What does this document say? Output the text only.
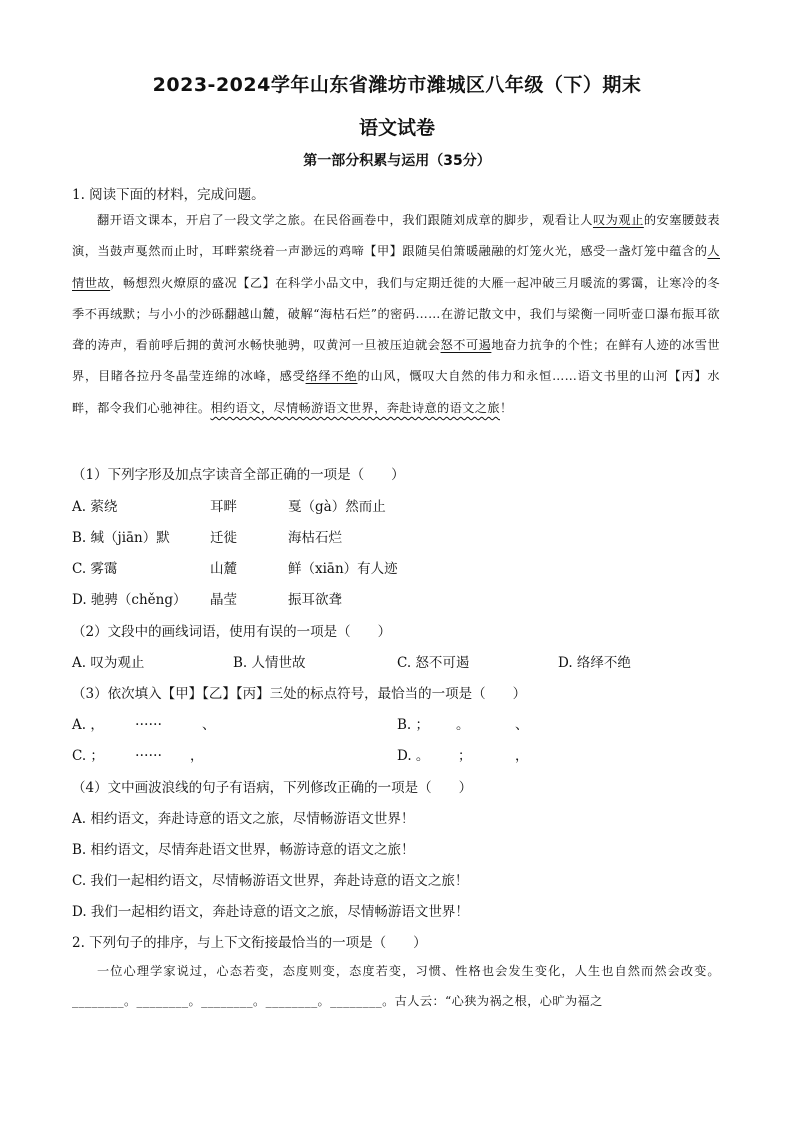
2023-2024学年山东省潍坊市潍城区八年级（下）期末
语文试卷
第一部分积累与运用（35分）
1. 阅读下面的材料，完成问题。
翻开语文课本，开启了一段文学之旅。在民俗画卷中，我们跟随刘成章的脚步，观看让人叹为观止的安塞腰鼓表演，当鼓声戛然而止时，耳畔萦绕着一声渺远的鸡啼【甲】跟随吴伯箫暖融融的灯笼火光，感受一盏灯笼中蕴含的人情世故，畅想烈火燎原的盛况【乙】在科学小品文中，我们与定期迁徙的大雁一起冲破三月暖流的雾霭，让寒冷的冬季不再绒默；与小小的沙砾翻越山麓，破解“海枯石烂”的密码……在游记散文中，我们与梁衡一同听壶口瀑布振耳欲聋的涛声，看前呼后拥的黄河水畅快驰骋，叹黄河一旦被压迫就会怒不可遏地奋力抗争的个性；在鲜有人迹的冰雪世界，目睹各拉丹冬晶莹连绵的冰峰，感受络绎不绝的山风，慨叹大自然的伟力和永恒……语文书里的山河【丙】水畔，都令我们心驰神往。相约语文，尽情畅游语文世界，奔赴诗意的语文之旅！
（1）下列字形及加点字读音全部正确的一项是（　　）
A. 萦绕	耳畔	戛（gà）然而止
B. 缄（jiān）默	迁徙	海枯石烂
C. 雾霭	山麓	鲜（xiān）有人迹
D. 驰骋（chěng） 晶莹	振耳欲聋
（2）文段中的画线词语，使用有误的一项是（　　）
A. 叹为观止	B. 人情世故	C. 怒不可遏	D. 络绎不绝
（3）依次填入【甲】【乙】【丙】三处的标点符号，最恰当的一项是（　　）
A. ， ……	、	B. ； 。	、
C. ； …… ，	D. 。 ；	，
（4）文中画波浪线的句子有语病，下列修改正确的一项是（　　）
A. 相约语文，奔赴诗意的语文之旅，尽情畅游语文世界！
B. 相约语文，尽情奔赴语文世界，畅游诗意的语文之旅！
C. 我们一起相约语文，尽情畅游语文世界，奔赴诗意的语文之旅！
D. 我们一起相约语文，奔赴诗意的语文之旅，尽情畅游语文世界！
2. 下列句子的排序，与上下文衔接最恰当的一项是（　　）
一位心理学家说过，心态若变，态度则变，态度若变，习惯、性格也会发生变化，人生也自然而然会改变。________。________。________。________。________。古人云：“心狭为祸之根，心旷为福之
